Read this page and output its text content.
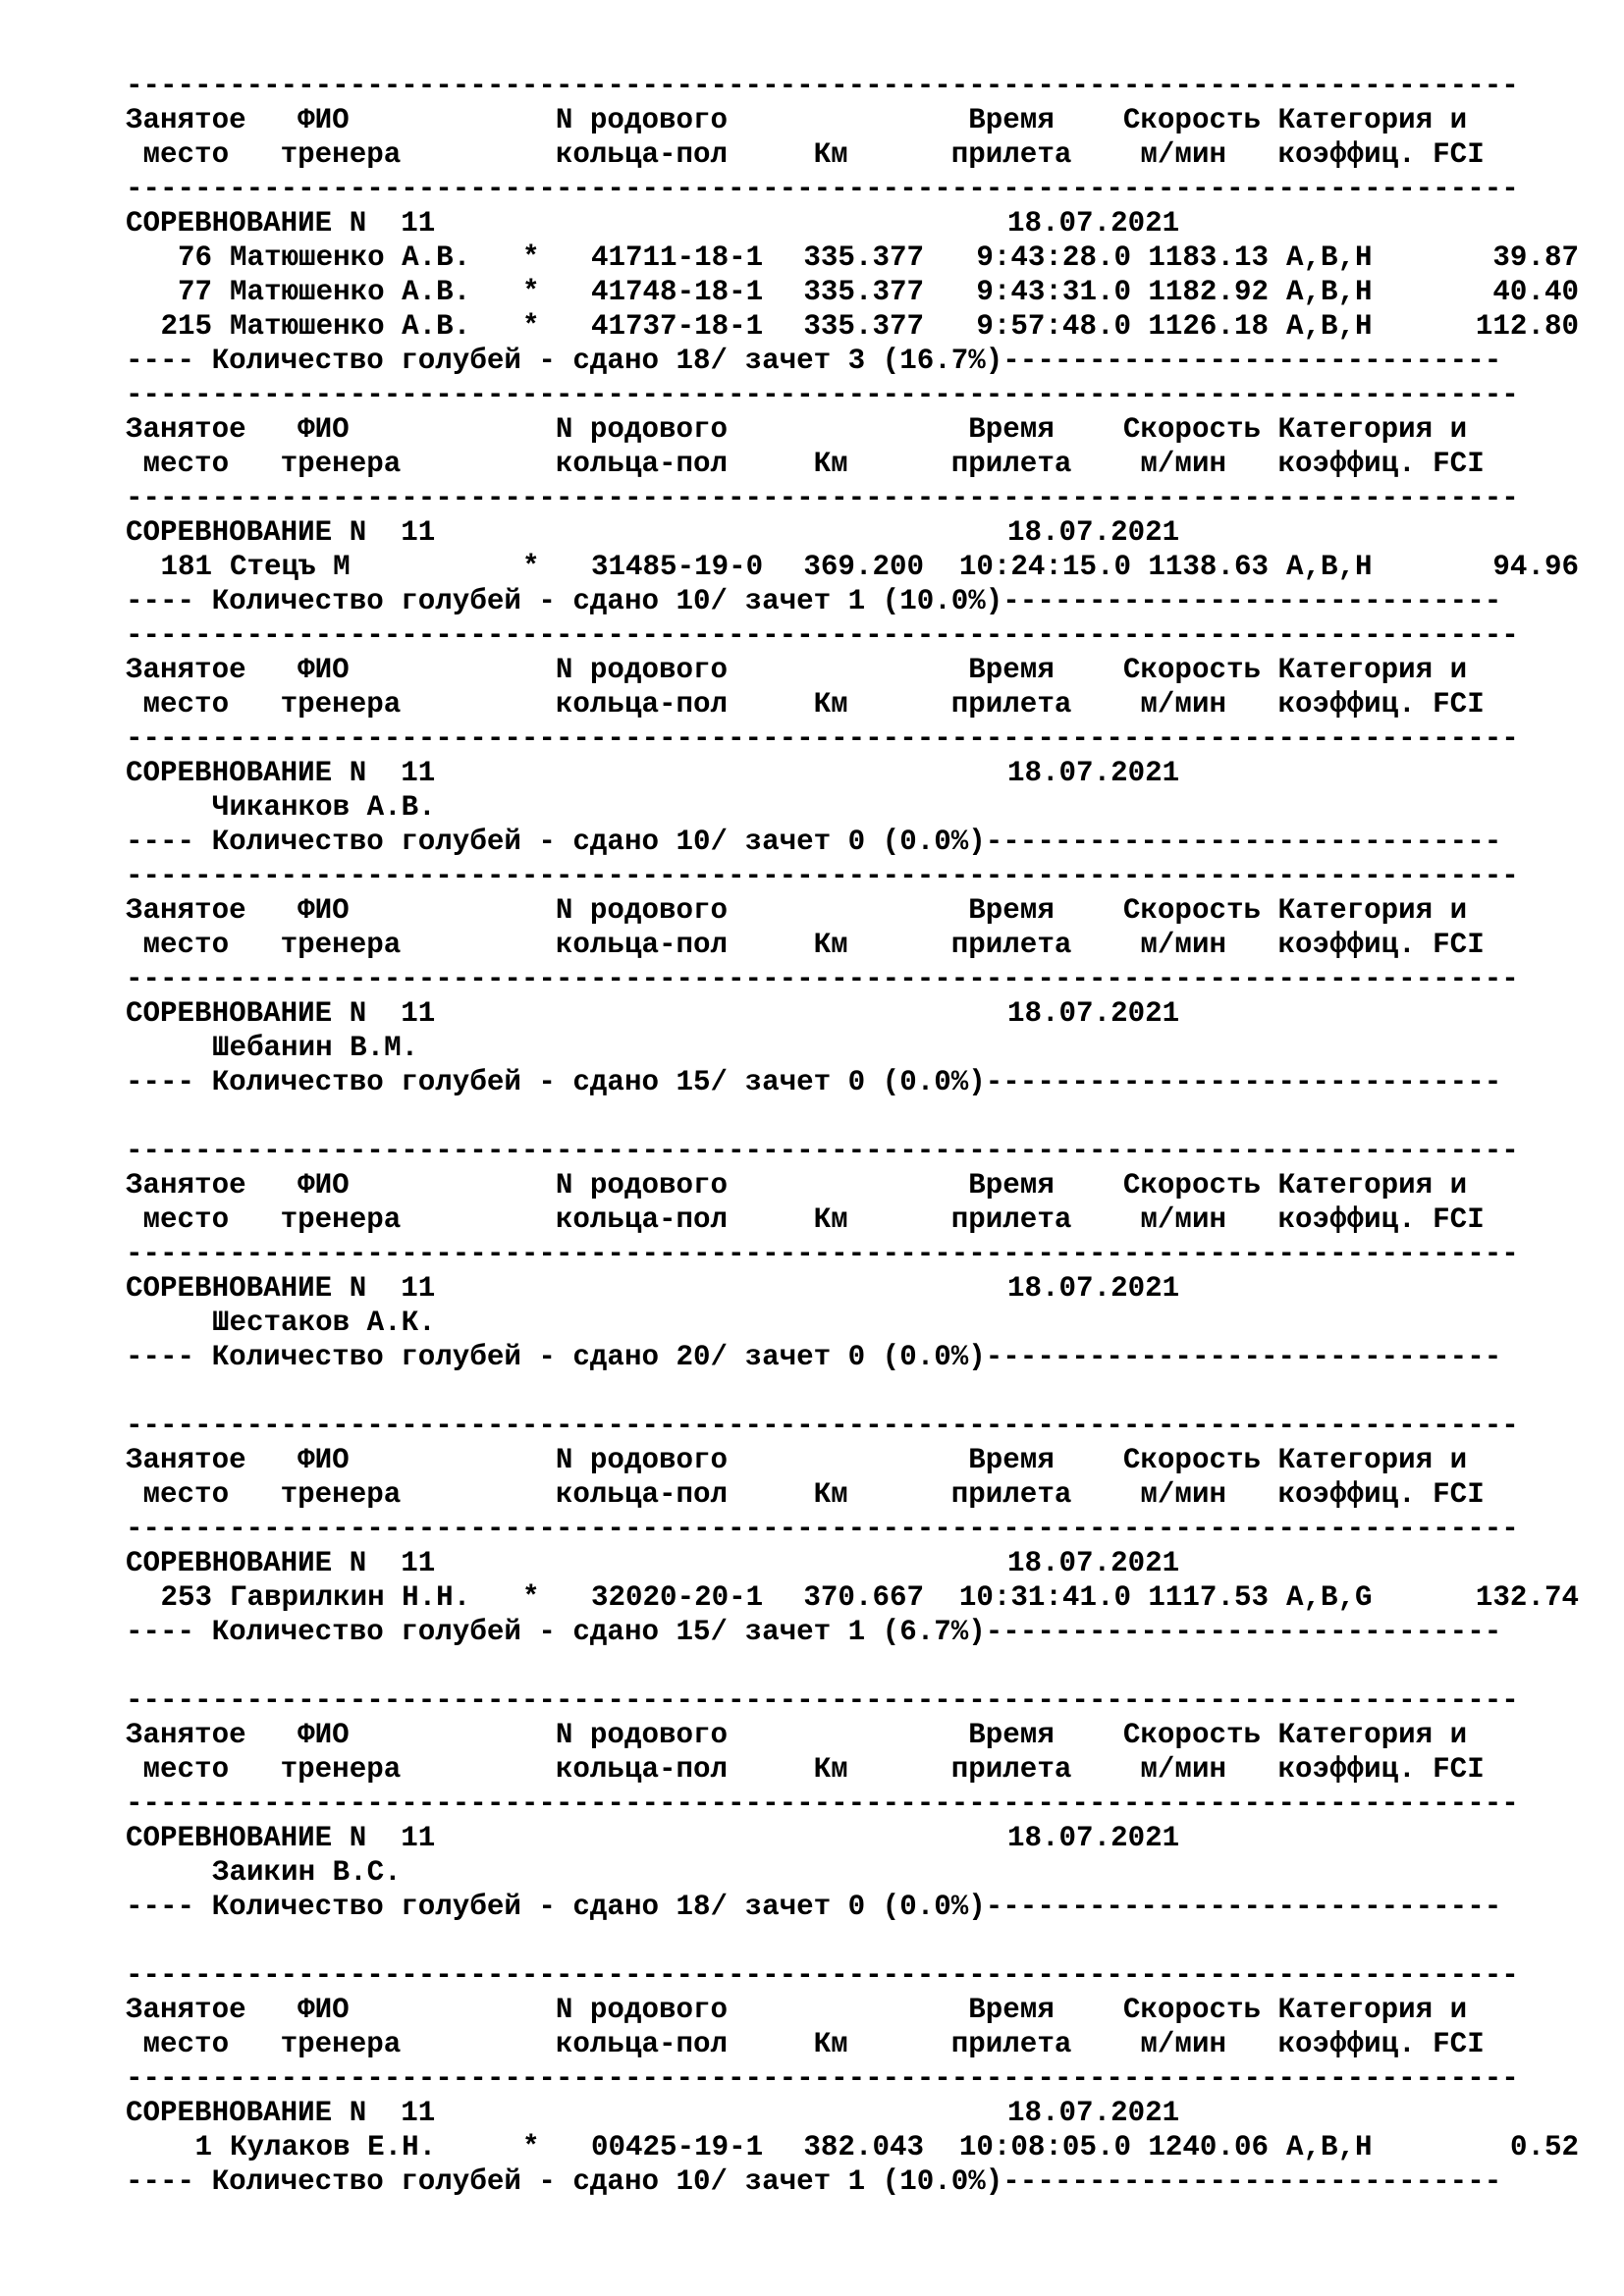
---------------------------------------------------------------------------------
Занятое   ФИО            N родового              Время    Скорость Категория и
место   тренера         кольца-пол     Км      прилета    м/мин   коэффиц. FCI
---------------------------------------------------------------------------------
СОРЕВНОВАНИЕ N  11	18.07.2021
76 Матюшенко А.В. * 41711-18-1 335.377 9:43:28.0 1183.13 A,B,H	39.87
77 Матюшенко А.В. * 41748-18-1 335.377 9:43:31.0 1182.92 A,B,H	40.40
215 Матюшенко А.В. * 41737-18-1 335.377 9:57:48.0 1126.18 A,B,H	112.80
---- Количество голубей - сдано 18/ зачет 3 (16.7%)-----------------------------
---------------------------------------------------------------------------------
Занятое   ФИО            N родового              Время    Скорость Категория и
место   тренера         кольца-пол     Км      прилета    м/мин   коэффиц. FCI
---------------------------------------------------------------------------------
СОРЕВНОВАНИЕ N  11	18.07.2021
181 Стецъ М	* 31485-19-0 369.200 10:24:15.0 1138.63 A,B,H	94.96
---- Количество голубей - сдано 10/ зачет 1 (10.0%)-----------------------------
---------------------------------------------------------------------------------
Занятое   ФИО            N родового              Время    Скорость Категория и
место   тренера         кольца-пол     Км      прилета    м/мин   коэффиц. FCI
---------------------------------------------------------------------------------
СОРЕВНОВАНИЕ N  11	18.07.2021
Чиканков А.В.
---- Количество голубей - сдано 10/ зачет 0 (0.0%)------------------------------
---------------------------------------------------------------------------------
Занятое   ФИО            N родового              Время    Скорость Категория и
место   тренера         кольца-пол     Км      прилета    м/мин   коэффиц. FCI
---------------------------------------------------------------------------------
СОРЕВНОВАНИЕ N  11	18.07.2021
Шебанин В.М.
---- Количество голубей - сдано 15/ зачет 0 (0.0%)------------------------------
---------------------------------------------------------------------------------
Занятое   ФИО            N родового              Время    Скорость Категория и
место   тренера         кольца-пол     Км      прилета    м/мин   коэффиц. FCI
---------------------------------------------------------------------------------
СОРЕВНОВАНИЕ N  11	18.07.2021
Шестаков А.К.
---- Количество голубей - сдано 20/ зачет 0 (0.0%)------------------------------
---------------------------------------------------------------------------------
Занятое   ФИО            N родового              Время    Скорость Категория и
место   тренера         кольца-пол     Км      прилета    м/мин   коэффиц. FCI
---------------------------------------------------------------------------------
СОРЕВНОВАНИЕ N  11	18.07.2021
253 Гаврилкин Н.Н. * 32020-20-1 370.667 10:31:41.0 1117.53 A,B,G	132.74
---- Количество голубей - сдано 15/ зачет 1 (6.7%)------------------------------
---------------------------------------------------------------------------------
Занятое   ФИО            N родового              Время    Скорость Категория и
место   тренера         кольца-пол     Км      прилета    м/мин   коэффиц. FCI
---------------------------------------------------------------------------------
СОРЕВНОВАНИЕ N  11	18.07.2021
Заикин В.С.
---- Количество голубей - сдано 18/ зачет 0 (0.0%)------------------------------
---------------------------------------------------------------------------------
Занятое   ФИО            N родового              Время    Скорость Категория и
место   тренера         кольца-пол     Км      прилета    м/мин   коэффиц. FCI
---------------------------------------------------------------------------------
СОРЕВНОВАНИЕ N  11	18.07.2021
1 Кулаков Е.Н.	* 00425-19-1 382.043 10:08:05.0 1240.06 A,B,H	0.52
---- Количество голубей - сдано 10/ зачет 1 (10.0%)-----------------------------
